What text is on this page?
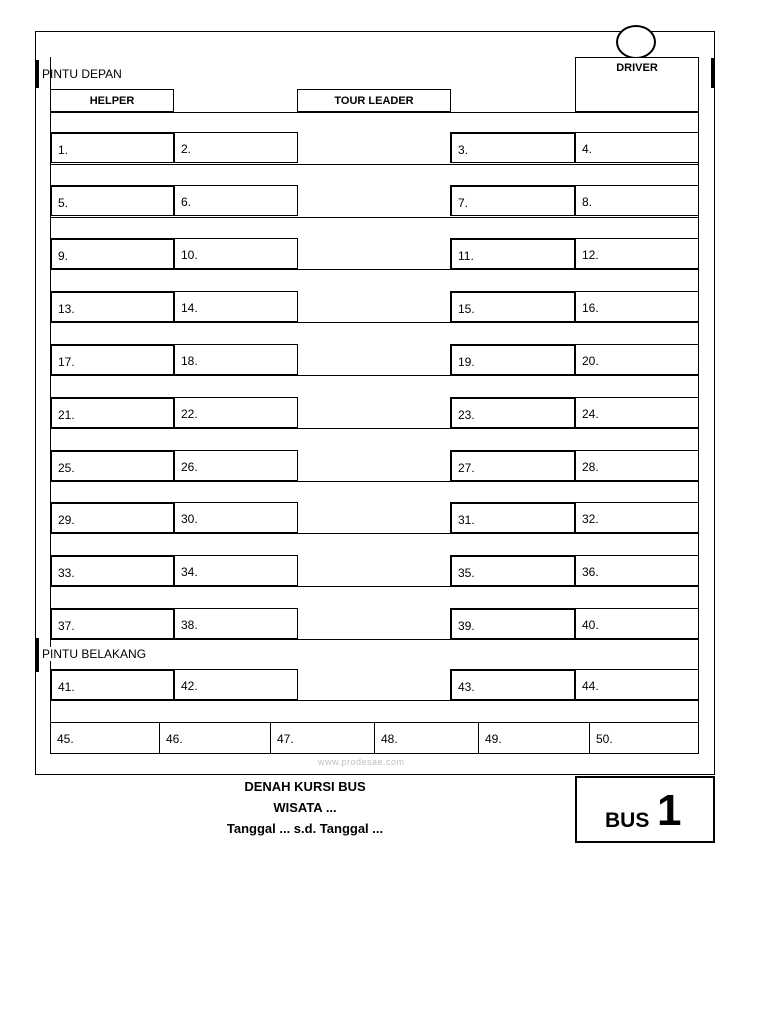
PINTU DEPAN	DRIVER
HELPER	TOUR LEADER
PINTU BELAKANG
1.	2.	3.	4.
5.	6.	7.	8.
9.	10.	11.	12.
13.	14.	15.	16.
17.	18.	19.	20.
21.	22.	23.	24.
25.	26.	27.	28.
29.	30.	31.	32.
33.	34.	35.	36.
37.	38.	39.	40.
41.	42.	43.	44.
45.	46.	47.	48.	49.	50.
www.prodesae.com
DENAH KURSI BUS
WISATA ...
Tanggal ... s.d. Tanggal ...	BUS 1
